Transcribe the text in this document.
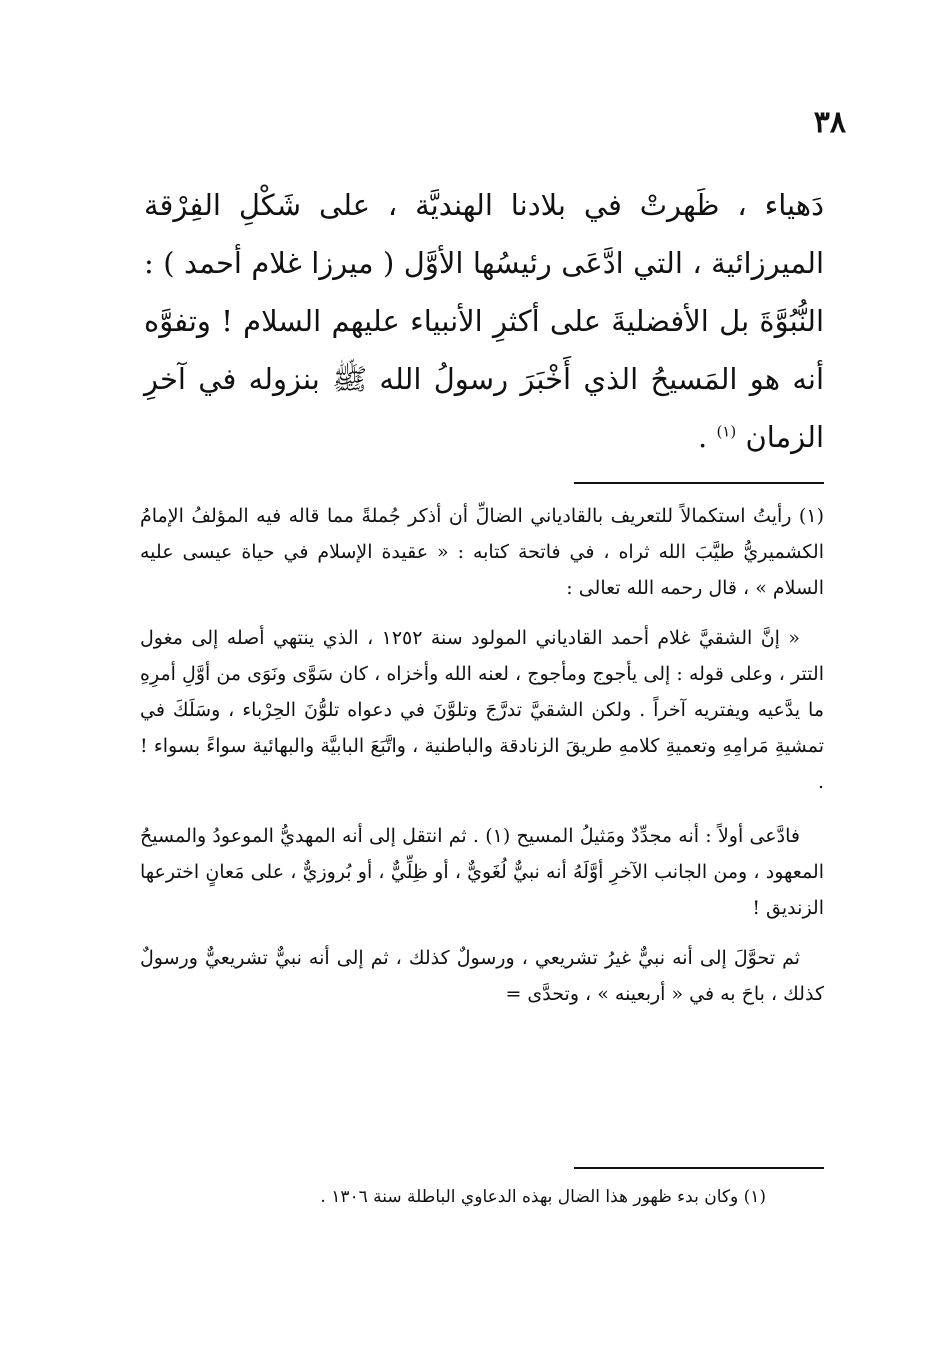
٣٨

دَهياء ، ظَهرتْ في بلادنا الهنديَّة ، على شَكْلِ الفِرْقة الميرزائية ، التي ادَّعَى رئيسُها الأوَّل ( ميرزا غلام أحمد ) : النُّبُوَّةَ بل الأفضليةَ على أكثرِ الأنبياء عليهم السلام ! وتفوَّه أنه هو المَسيحُ الذي أَخْبَرَ رسولُ الله ﷺ بنزوله في آخرِ الزمان $^{(١)}$ .

(١) رأيتُ استكمالاً للتعريف بالقادياني الضالِّ أن أذكر جُملةً مما قاله فيه المؤلفُ الإمامُ الكشميريُّ طيَّبَ الله ثراه ، في فاتحة كتابه : « عقيدة الإسلام في حياة عيسى عليه السلام » ، قال رحمه الله تعالى :

« إنَّ الشقيَّ غلام أحمد القادياني المولود سنة ١٢٥٢ ، الذي ينتهي أصله إلى مغول التتر ، وعلى قوله : إلى يأجوج ومأجوج ، لعنه الله وأخزاه ، كان سَوَّى ونَوَى من أوَّلِ أمرِهِ ما يدَّعيه ويفتريه آخراً . ولكن الشقيَّ تدرَّجَ وتلوَّنَ في دعواه تلوُّنَ الحِرْباء ، وسَلَكَ في تمشيةِ مَرامِهِ وتعميةِ كلامهِ طريقَ الزنادقة والباطنية ، واتَّبَعَ البابيَّة والبهائية سواءً بسواء ! .

فادَّعى أولاً : أنه مجدِّدٌ ومَثيلُ المسيح (١) . ثم انتقل إلى أنه المهديُّ الموعودُ والمسيحُ المعهود ، ومن الجانب الآخرِ أوَّلَهُ أنه نبيٌّ لُغَويٌّ ، أو ظِلِّيٌّ ، أو بُروزيٌّ ، على مَعانٍ اخترعها الزنديق !

ثم تحوَّلَ إلى أنه نبيٌّ غيرُ تشريعي ، ورسولٌ كذلك ، ثم إلى أنه نبيٌّ تشريعيٌّ ورسولٌ كذلك ، باحَ به في « أربعينه » ، وتحدَّى =

(١) وكان بدء ظهور هذا الضال بهذه الدعاوي الباطلة سنة ١٣٠٦ .
